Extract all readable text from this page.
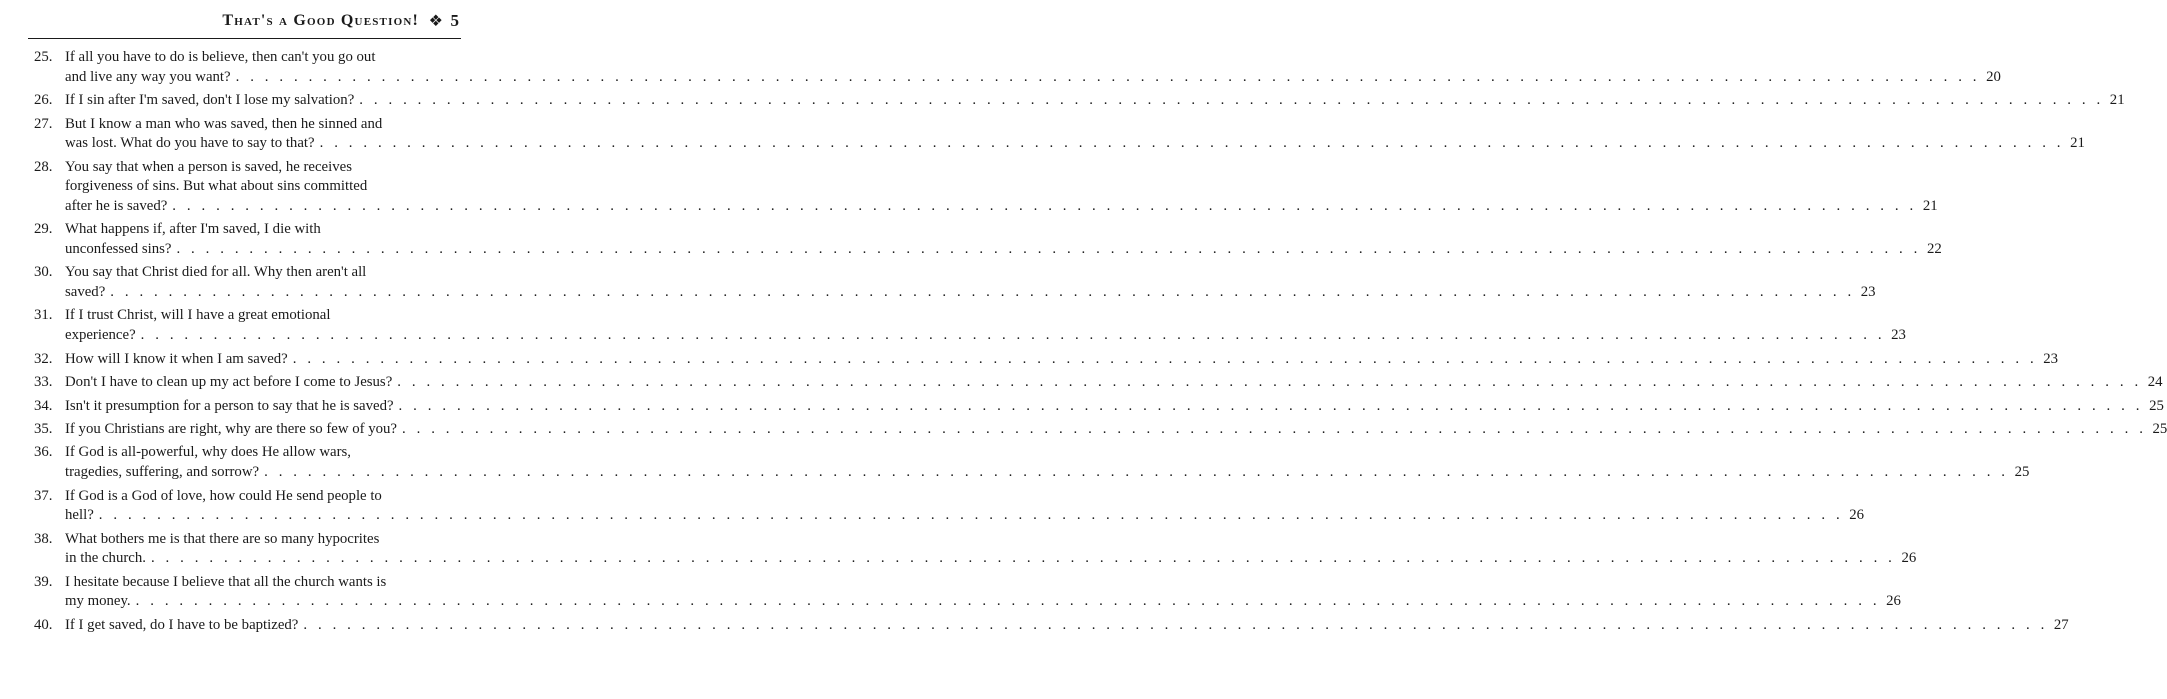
That's a Good Question! ❖ 5
25. If all you have to do is believe, then can't you go out
and live any way you want? . . . . . . . . . . . . . . . . . . . . . . . . . . . . . . . . . . . . . . . . . . . . . . . . . . . . . . . . . . . . . . . . . . . . . . . . . . . . . . . . . . . . . . . . . . . . . . . . . . . . . . . . . . . . . . . . . . . . . . . . 20
26. If I sin after I'm saved, don't I lose my salvation? . . . . . . . . . . . . . . . . . . . . . . . . . . . . . . . . . . . . . . . . . . . . . . . . . . . . . . . . . . . . . . . . . . . . . . . . . . . . . . . . . . . . . . . . . . . . . . . . . . . . . . . . . . . . . . . . . . . . . . . . 21
27. But I know a man who was saved, then he sinned and
was lost. What do you have to say to that? . . . . . . . . . . . . . . . . . . . . . . . . . . . . . . . . . . . . . . . . . . . . . . . . . . . . . . . . . . . . . . . . . . . . . . . . . . . . . . . . . . . . . . . . . . . . . . . . . . . . . . . . . . . . . . . . . . . . . . . . 21
28. You say that when a person is saved, he receives
forgiveness of sins. But what about sins committed
after he is saved? . . . . . . . . . . . . . . . . . . . . . . . . . . . . . . . . . . . . . . . . . . . . . . . . . . . . . . . . . . . . . . . . . . . . . . . . . . . . . . . . . . . . . . . . . . . . . . . . . . . . . . . . . . . . . . . . . . . . . . . . 21
29. What happens if, after I'm saved, I die with
unconfessed sins? . . . . . . . . . . . . . . . . . . . . . . . . . . . . . . . . . . . . . . . . . . . . . . . . . . . . . . . . . . . . . . . . . . . . . . . . . . . . . . . . . . . . . . . . . . . . . . . . . . . . . . . . . . . . . . . . . . . . . . . . 22
30. You say that Christ died for all. Why then aren't all
saved? . . . . . . . . . . . . . . . . . . . . . . . . . . . . . . . . . . . . . . . . . . . . . . . . . . . . . . . . . . . . . . . . . . . . . . . . . . . . . . . . . . . . . . . . . . . . . . . . . . . . . . . . . . . . . . . . . . . . . . . . 23
31. If I trust Christ, will I have a great emotional
experience? . . . . . . . . . . . . . . . . . . . . . . . . . . . . . . . . . . . . . . . . . . . . . . . . . . . . . . . . . . . . . . . . . . . . . . . . . . . . . . . . . . . . . . . . . . . . . . . . . . . . . . . . . . . . . . . . . . . . . . . . 23
32. How will I know it when I am saved? . . . . . . . . . . . . . . . . . . . . . . . . . . . . . . . . . . . . . . . . . . . . . . . . . . . . . . . . . . . . . . . . . . . . . . . . . . . . . . . . . . . . . . . . . . . . . . . . . . . . . . . . . . . . . . . . . . . . . . . . 23
33. Don't I have to clean up my act before I come to Jesus? . . . . . . . . . . . . . . . . . . . . . . . . . . . . . . . . . . . . . . . . . . . . . . . . . . . . . . . . . . . . . . . . . . . . . . . . . . . . . . . . . . . . . . . . . . . . . . . . . . . . . . . . . . . . . . . . . . . . . . . . 24
34. Isn't it presumption for a person to say that he is saved? . . . . . . . . . . . . . . . . . . . . . . . . . . . . . . . . . . . . . . . . . . . . . . . . . . . . . . . . . . . . . . . . . . . . . . . . . . . . . . . . . . . . . . . . . . . . . . . . . . . . . . . . . . . . . . . . . . . . . . . . 25
35. If you Christians are right, why are there so few of you? . . . . . . . . . . . . . . . . . . . . . . . . . . . . . . . . . . . . . . . . . . . . . . . . . . . . . . . . . . . . . . . . . . . . . . . . . . . . . . . . . . . . . . . . . . . . . . . . . . . . . . . . . . . . . . . . . . . . . . . . 25
36. If God is all-powerful, why does He allow wars,
tragedies, suffering, and sorrow? . . . . . . . . . . . . . . . . . . . . . . . . . . . . . . . . . . . . . . . . . . . . . . . . . . . . . . . . . . . . . . . . . . . . . . . . . . . . . . . . . . . . . . . . . . . . . . . . . . . . . . . . . . . . . . . . . . . . . . . . 25
37. If God is a God of love, how could He send people to
hell? . . . . . . . . . . . . . . . . . . . . . . . . . . . . . . . . . . . . . . . . . . . . . . . . . . . . . . . . . . . . . . . . . . . . . . . . . . . . . . . . . . . . . . . . . . . . . . . . . . . . . . . . . . . . . . . . . . . . . . . . 26
38. What bothers me is that there are so many hypocrites
in the church. . . . . . . . . . . . . . . . . . . . . . . . . . . . . . . . . . . . . . . . . . . . . . . . . . . . . . . . . . . . . . . . . . . . . . . . . . . . . . . . . . . . . . . . . . . . . . . . . . . . . . . . . . . . . . . . . . . . . . . . . 26
39. I hesitate because I believe that all the church wants is
my money. . . . . . . . . . . . . . . . . . . . . . . . . . . . . . . . . . . . . . . . . . . . . . . . . . . . . . . . . . . . . . . . . . . . . . . . . . . . . . . . . . . . . . . . . . . . . . . . . . . . . . . . . . . . . . . . . . . . . . . . . 26
40. If I get saved, do I have to be baptized? . . . . . . . . . . . . . . . . . . . . . . . . . . . . . . . . . . . . . . . . . . . . . . . . . . . . . . . . . . . . . . . . . . . . . . . . . . . . . . . . . . . . . . . . . . . . . . . . . . . . . . . . . . . . . . . . . . . . . . . . 27
